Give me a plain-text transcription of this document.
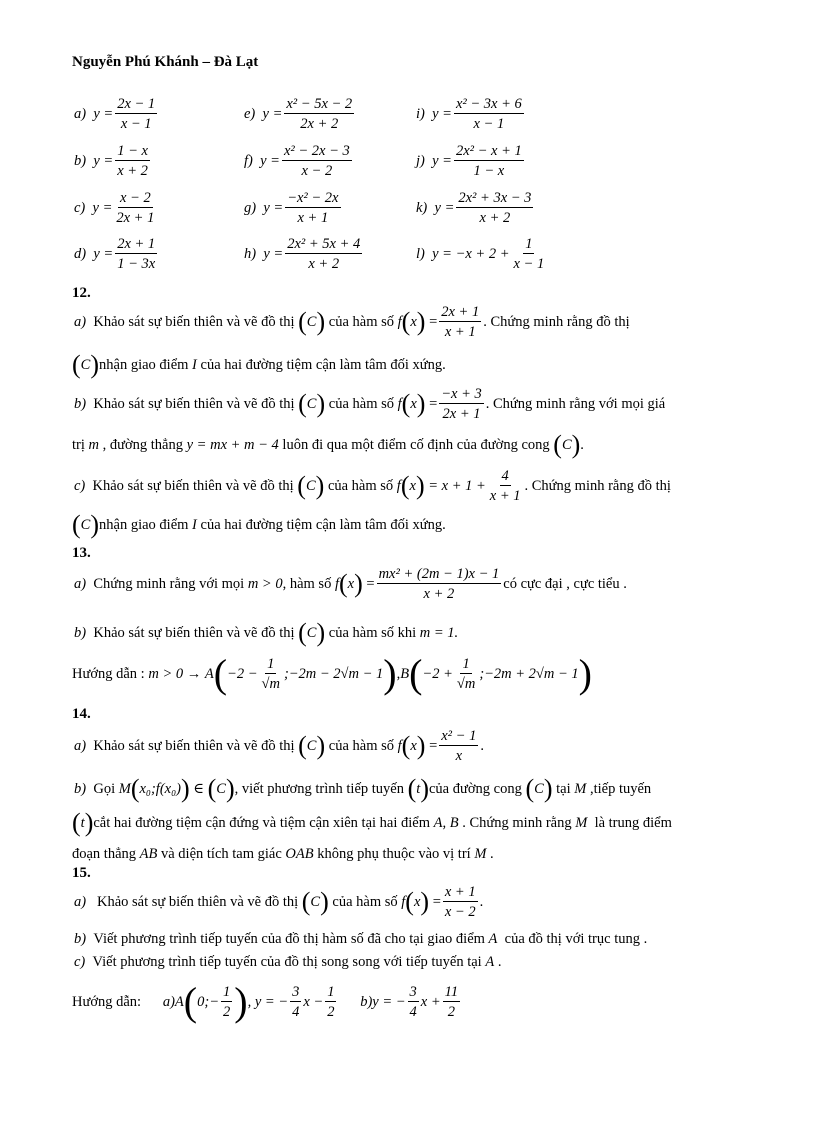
Nguyễn Phú Khánh – Đà Lạt
a)
$y = \frac{2x - 1}{x - 1}$
b)
$y = \frac{1 - x}{x + 2}$
c)
$y = \frac{x - 2}{2x + 1}$
d)
$y = \frac{2x + 1}{1 - 3x}$
e)
$y = \frac{\text{x² − 5x − 2}}{2x + 2}$
f)
$y = \frac{\text{x² − 2x − 3}}{x - 2}$
g)
$y = \frac{\text{−x² − 2x}}{x + 1}$
h)
$y = \frac{\text{2x² + 5x + 4}}{x + 2}$
i)
$y = \frac{\text{x² − 3x + 6}}{x - 1}$
j)
$y = \frac{\text{2x² − x + 1}}{1 - x}$
k)
$y = \frac{\text{2x² + 3x − 3}}{x + 2}$
l)
$y = -x + 2 + \frac{1}{x - 1}$
12.
a)
Khảo sát sự biến thiên và vẽ đồ thị
( C )
của hàm số
f ( x )
= $\frac{2x + 1}{x + 1}$ . Chứng minh rằng đồ thị
( C ) nhận giao điểm
I
của hai đường tiệm cận làm tâm đối xứng.
b)
Khảo sát sự biến thiên và vẽ đồ thị
( C )
của hàm số
f ( x )
= $\frac{-x + 3}{2x + 1}$ . Chứng minh rằng với mọi giá
trị
m
, đường thẳng
y = mx + m − 4
luôn đi qua một điểm cố định của đường cong
( C ) .
c)
Khảo sát sự biến thiên và vẽ đồ thị
( C )
của hàm số
f ( x )
= $x + 1 + \frac{4}{x + 1}$ . Chứng minh rằng đồ thị
( C ) nhận giao điểm
I
của hai đường tiệm cận làm tâm đối xứng.
13.
a)
Chứng minh rằng với mọi
m > 0 , hàm số
f ( x )
= $\frac{\text{mx² + (2m − 1)x − 1}}{x + 2}$ có cực đại , cực tiểu .
b)
Khảo sát sự biến thiên và vẽ đồ thị
( C )
của hàm số khi
m = 1.
Hướng dẫn :
m > 0 →
A ( $-2 - \frac{1}{√m}$ ;−2m − 2√m − 1 ) , B ( $-2 + \frac{1}{√m}$ ;−2m + 2√m − 1 )
14.
a)
Khảo sát sự biến thiên và vẽ đồ thị
( C )
của hàm số
f ( x )
= $\frac{\text{x² − 1}}{x}$ .
b)
Gọi
M ( x₀;f(x₀) )
∈
( C ) , viết phương trình tiếp tuyến
( t ) của đường cong
( C )
tại
M
,tiếp tuyến
( t ) cắt hai đường tiệm cận đứng và tiệm cận xiên tại hai điểm
A, B
. Chứng minh rằng
M
là trung điểm
đoạn thẳng
AB
và diện tích tam giác
OAB
không phụ thuộc vào vị trí
M
.
15.
a)
Khảo sát sự biến thiên và vẽ đồ thị
( C )
của hàm số
f ( x )
= $\frac{x + 1}{x - 2}$ .
b)
Viết phương trình tiếp tuyến của đồ thị hàm số đã cho tại giao điểm
A
của đồ thị với trục tung .
c)
Viết phương trình tiếp tuyến của đồ thị song song với tiếp tuyến tại
A .
Hướng dẫn:
a)A ( 0;− $\frac{1}{2}$ ) , y = − $\frac{3}{4}$ $x - \frac{1}{2}$
b)y = − $\frac{3}{4}$ $x + \frac{11}{2}$
